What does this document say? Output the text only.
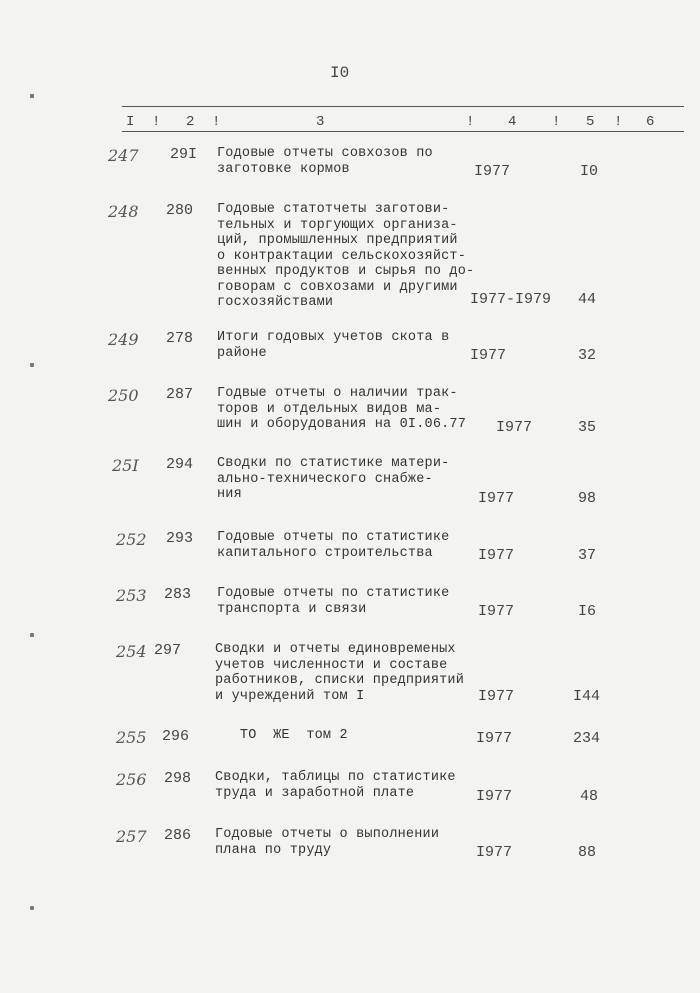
I0
I ! 2 !	3	! 4	! 5 ! 6
247 29I Годовые отчеты совхозов по
заготовке кормов	I977	I0
248 280 Годовые статотчеты заготови-
тельных и торгующих организа-
ций, промышленных предприятий
о контрактации сельскохозяйст-
венных продуктов и сырья по до-
говорам с совхозами и другими
госхозяйствами	I977-I979	44
249 278 Итоги годовых учетов скота в
районе	I977	32
250 287 Годвые отчеты о наличии трак-
торов и отдельных видов ма-
шин и оборудования на 0I.06.77	I977	35
25I 294 Сводки по статистике матери-
ально-технического снабже-
ния	I977	98
252 293 Годовые отчеты по статистике
капитального строительства	I977	37
253 283 Годовые отчеты по статистике
транспорта и связи	I977	I6
254 297	Сводки и отчеты единовременых
учетов численности и составе
работников, списки предприятий
и учреждений том I	I977	I44
255 296 ТО  ЖЕ  том 2	I977	234
256 298 Сводки, таблицы по статистике
труда и заработной плате	I977	48
257 286 Годовые отчеты о выполнении
плана по труду	I977	88
